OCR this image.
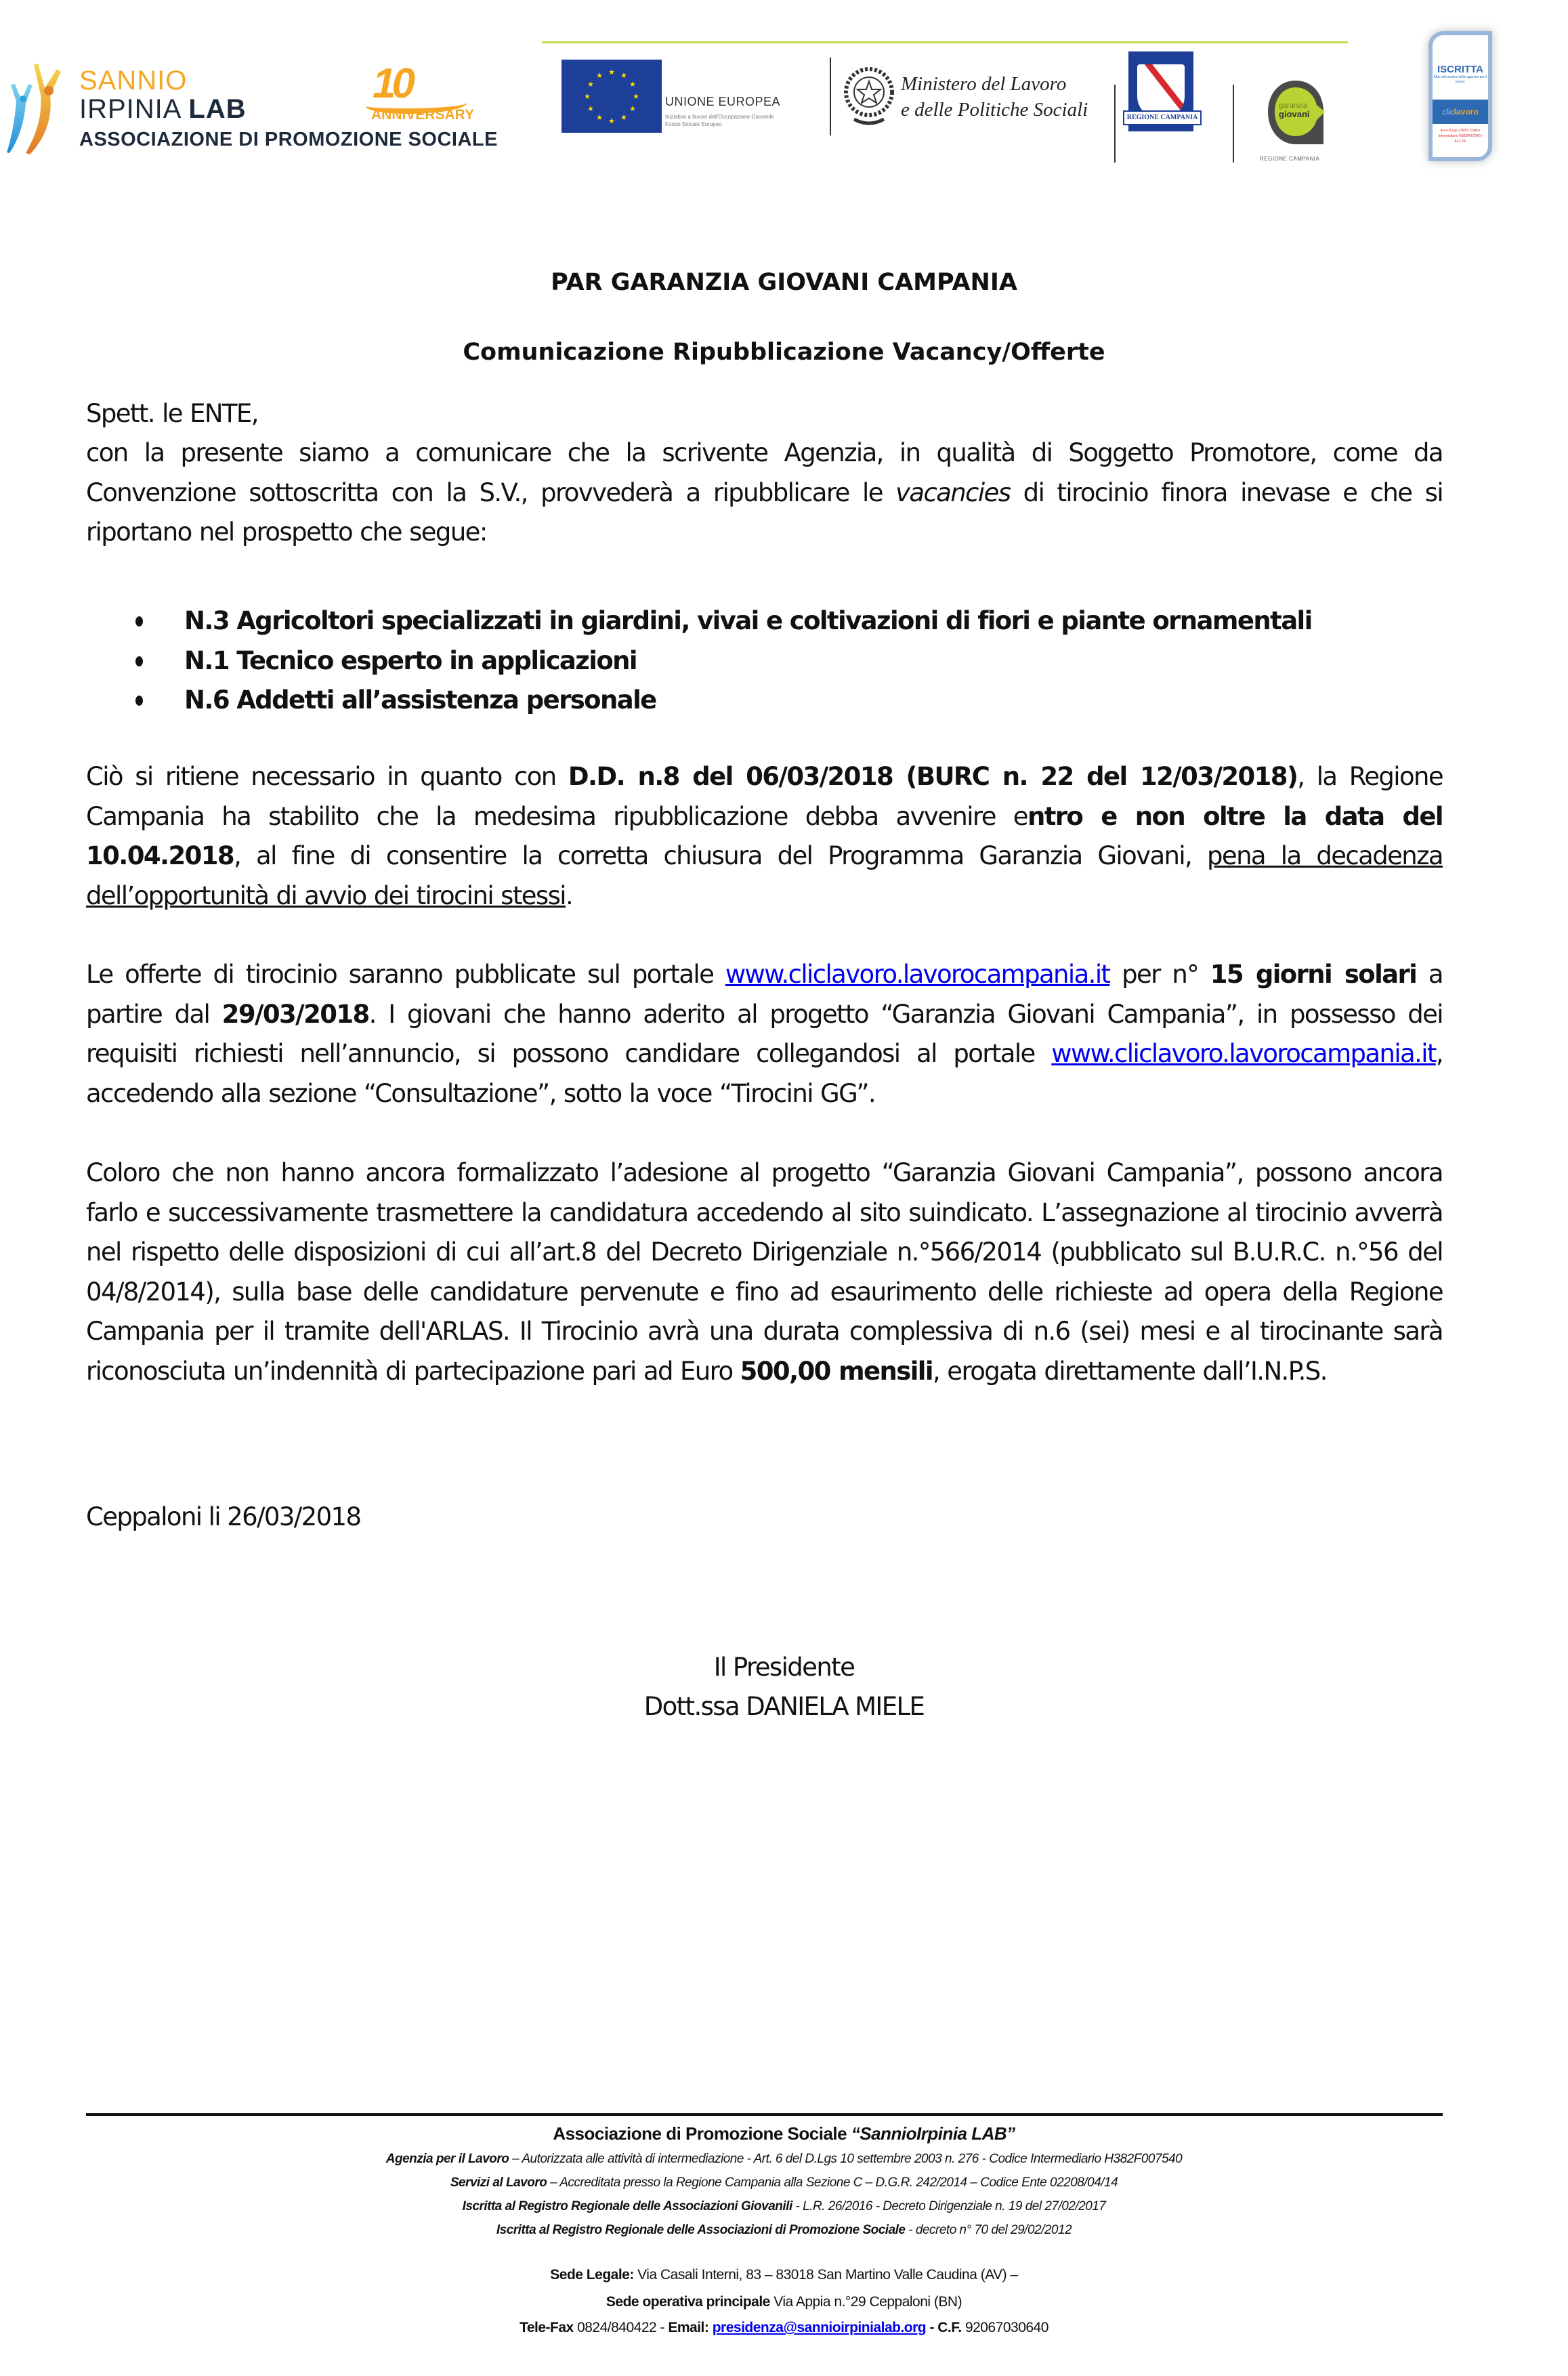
SANNIO
IRPINIA LAB
ASSOCIAZIONE DI PROMOZIONE SOCIALE
10
ANNIVERSARY
★ ★
★
★
★
★
★
★
★
★
★
★
UNIONE EUROPEA
Iniziativa a favore dell'Occupazione Giovanile
Fondo Sociale Europeo
Ministero del Lavoro
e delle Politiche Sociali	REGIONE CAMPANIA
garanzia
giovani
REGIONE CAMPANIA
ISCRITTA
Albo informatico delle agenzie per il lavoro
cliclavoro
Art.4 D.Lgs 276/03 Codice Intermediario H382F007540 / ALL.P.6
PAR GARANZIA GIOVANI CAMPANIA
Comunicazione Ripubblicazione Vacancy/Offerte
Spett. le ENTE,
con la presente siamo a comunicare che la scrivente Agenzia, in qualità di Soggetto Promotore, come da Convenzione sottoscritta con la S.V., provvederà a ripubblicare le vacancies di tirocinio finora inevase e che si riportano nel prospetto che segue:
N.3 Agricoltori specializzati in giardini, vivai e coltivazioni di fiori e piante ornamentali
N.1 Tecnico esperto in applicazioni
N.6 Addetti all’assistenza personale
Ciò si ritiene necessario in quanto con D.D. n.8 del 06/03/2018 (BURC n. 22 del 12/03/2018), la Regione Campania ha stabilito che la medesima ripubblicazione debba avvenire entro e non oltre la data del 10.04.2018, al fine di consentire la corretta chiusura del Programma Garanzia Giovani, pena la decadenza dell’opportunità di avvio dei tirocini stessi.
Le offerte di tirocinio saranno pubblicate sul portale www.cliclavoro.lavorocampania.it per n° 15 giorni solari a partire dal 29/03/2018. I giovani che hanno aderito al progetto “Garanzia Giovani Campania”, in possesso dei requisiti richiesti nell’annuncio, si possono candidare collegandosi al portale www.cliclavoro.lavorocampania.it, accedendo alla sezione “Consultazione”, sotto la voce “Tirocini GG”.
Coloro che non hanno ancora formalizzato l’adesione al progetto “Garanzia Giovani Campania”, possono ancora farlo e successivamente trasmettere la candidatura accedendo al sito suindicato. L’assegnazione al tirocinio avverrà nel rispetto delle disposizioni di cui all’art.8 del Decreto Dirigenziale n.°566/2014 (pubblicato sul B.U.R.C. n.°56 del 04/8/2014), sulla base delle candidature pervenute e fino ad esaurimento delle richieste ad opera della Regione Campania per il tramite dell'ARLAS. Il Tirocinio avrà una durata complessiva di n.6 (sei) mesi e al tirocinante sarà riconosciuta un’indennità di partecipazione pari ad Euro 500,00 mensili, erogata direttamente dall’I.N.P.S.
Ceppaloni li 26/03/2018
Il Presidente
Dott.ssa DANIELA MIELE
Associazione di Promozione Sociale “SannioIrpinia LAB”
Agenzia per il Lavoro – Autorizzata alle attività di intermediazione - Art. 6 del D.Lgs 10 settembre 2003 n. 276 - Codice Intermediario H382F007540
Servizi al Lavoro – Accreditata presso la Regione Campania alla Sezione C – D.G.R. 242/2014 – Codice Ente 02208/04/14
Iscritta al Registro Regionale delle Associazioni Giovanili - L.R. 26/2016 - Decreto Dirigenziale n. 19 del 27/02/2017
Iscritta al Registro Regionale delle Associazioni di Promozione Sociale - decreto n° 70 del 29/02/2012
Sede Legale: Via Casali Interni, 83 – 83018 San Martino Valle Caudina (AV) –
Sede operativa principale Via Appia n.°29 Ceppaloni (BN)
Tele-Fax 0824/840422 - Email: presidenza@sannioirpinialab.org - C.F. 92067030640
